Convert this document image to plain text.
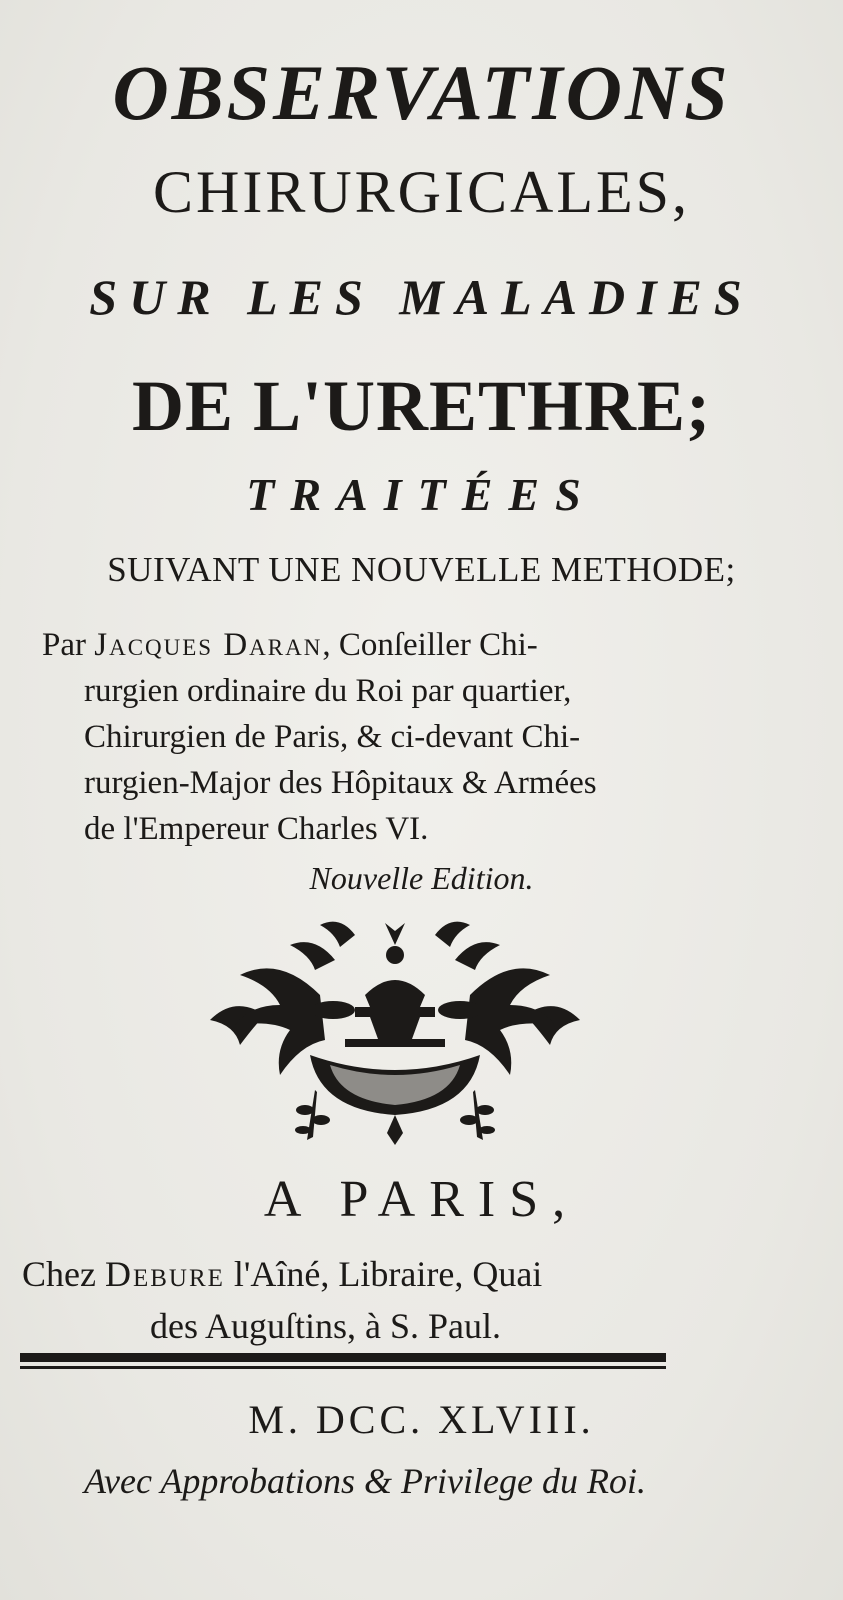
OBSERVATIONS
CHIRURGICALES,
SUR LES MALADIES
DE L'URETHRE;
TRAITÉES
SUIVANT UNE NOUVELLE METHODE;
Par Jacques Daran, Conſeiller Chi-
rurgien ordinaire du Roi par quartier,
Chirurgien de Paris, & ci-devant Chi-
rurgien-Major des Hôpitaux & Armées
de l'Empereur Charles VI.
Nouvelle Edition.
A PARIS,
Chez Debure l'Aîné, Libraire, Quai
des Auguſtins, à S. Paul.
M. DCC. XLVIII.
Avec Approbations & Privilege du Roi.
